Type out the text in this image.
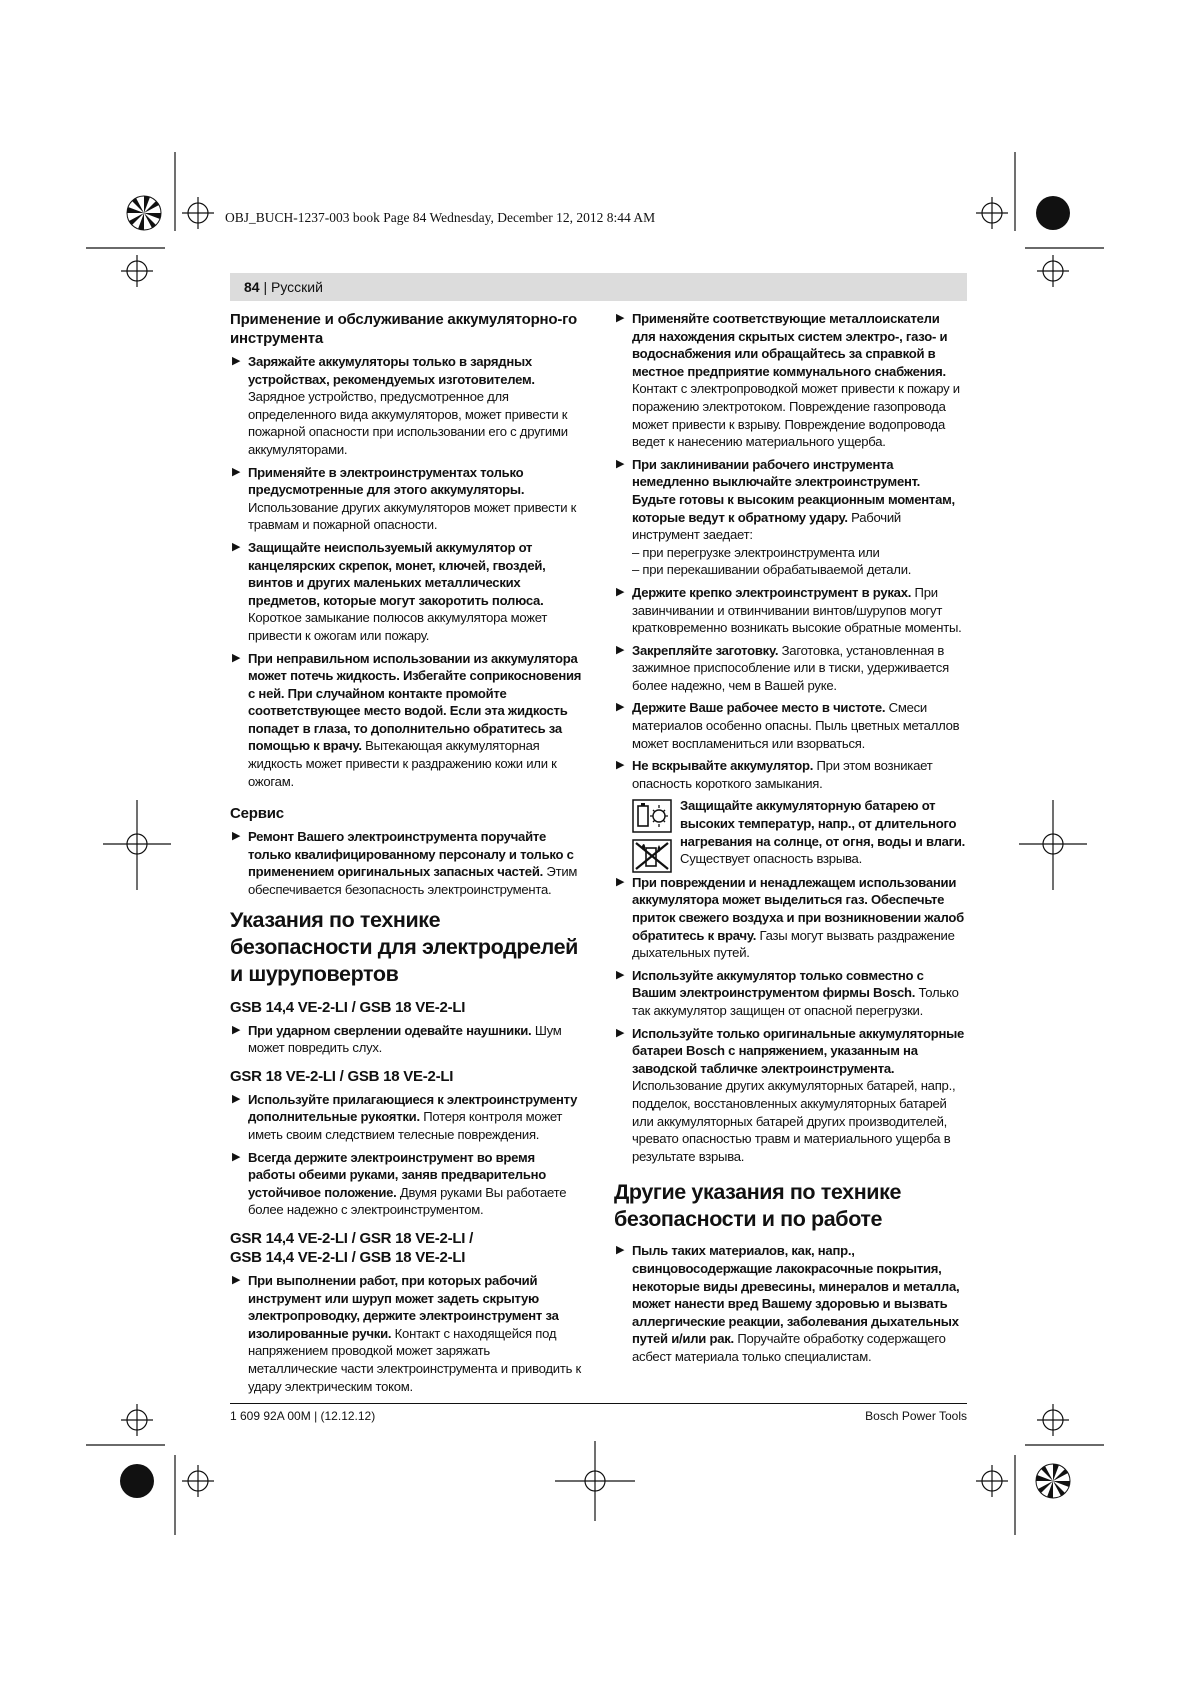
OBJ_BUCH-1237-003 book Page 84 Wednesday, December 12, 2012 8:44 AM
84 | Русский
Применение и обслуживание аккумуляторно-го инструмента
▶ Заряжайте аккумуляторы только в зарядных устройствах, рекомендуемых изготовителем. Зарядное устройство, предусмотренное для определенного вида аккумуляторов, может привести к пожарной опасности при использовании его с другими аккумуляторами.
▶ Применяйте в электроинструментах только предусмотренные для этого аккумуляторы. Использование других аккумуляторов может привести к травмам и пожарной опасности.
▶ Защищайте неиспользуемый аккумулятор от канцелярских скрепок, монет, ключей, гвоздей, винтов и других маленьких металлических предметов, которые могут закоротить полюса. Короткое замыкание полюсов аккумулятора может привести к ожогам или пожару.
▶ При неправильном использовании из аккумулятора может потечь жидкость. Избегайте соприкосновения с ней. При случайном контакте промойте соответствующее место водой. Если эта жидкость попадет в глаза, то дополнительно обратитесь за помощью к врачу. Вытекающая аккумуляторная жидкость может привести к раздражению кожи или к ожогам.
Сервис
▶ Ремонт Вашего электроинструмента поручайте только квалифицированному персоналу и только с применением оригинальных запасных частей. Этим обеспечивается безопасность электроинструмента.
Указания по технике безопасности для электродрелей и шуруповертов
GSB 14,4 VE-2-LI / GSB 18 VE-2-LI
▶ При ударном сверлении одевайте наушники. Шум может повредить слух.
GSR 18 VE-2-LI / GSB 18 VE-2-LI
▶ Используйте прилагающиеся к электроинструменту дополнительные рукоятки. Потеря контроля может иметь своим следствием телесные повреждения.
▶ Всегда держите электроинструмент во время работы обеими руками, заняв предварительно устойчивое положение. Двумя руками Вы работаете более надежно с электроинструментом.
GSR 14,4 VE-2-LI / GSR 18 VE-2-LI /
GSB 14,4 VE-2-LI / GSB 18 VE-2-LI
▶ При выполнении работ, при которых рабочий инструмент или шуруп может задеть скрытую электропроводку, держите электроинструмент за изолированные ручки. Контакт с находящейся под напряжением проводкой может заряжать металлические части электроинструмента и приводить к удару электрическим током.
▶ Применяйте соответствующие металлоискатели для нахождения скрытых систем электро-, газо- и водоснабжения или обращайтесь за справкой в местное предприятие коммунального снабжения. Контакт с электропроводкой может привести к пожару и поражению электротоком. Повреждение газопровода может привести к взрыву. Повреждение водопровода ведет к нанесению материального ущерба.
▶ При заклинивании рабочего инструмента немедленно выключайте электроинструмент. Будьте готовы к высоким реакционным моментам, которые ведут к обратному удару. Рабочий инструмент заедает:
– при перегрузке электроинструмента или
– при перекашивании обрабатываемой детали.
▶ Держите крепко электроинструмент в руках. При завинчивании и отвинчивании винтов/шурупов могут кратковременно возникать высокие обратные моменты.
▶ Закрепляйте заготовку. Заготовка, установленная в зажимное приспособление или в тиски, удерживается более надежно, чем в Вашей руке.
▶ Держите Ваше рабочее место в чистоте. Смеси материалов особенно опасны. Пыль цветных металлов может воспламениться или взорваться.
▶ Не вскрывайте аккумулятор. При этом возникает опасность короткого замыкания.
Защищайте аккумуляторную батарею от высоких температур, напр., от длительного нагревания на солнце, от огня, воды и влаги. Существует опасность взрыва.
▶ При повреждении и ненадлежащем использовании аккумулятора может выделиться газ. Обеспечьте приток свежего воздуха и при возникновении жалоб обратитесь к врачу. Газы могут вызвать раздражение дыхательных путей.
▶ Используйте аккумулятор только совместно с Вашим электроинструментом фирмы Bosch. Только так аккумулятор защищен от опасной перегрузки.
▶ Используйте только оригинальные аккумуляторные батареи Bosch с напряжением, указанным на заводской табличке электроинструмента. Использование других аккумуляторных батарей, напр., подделок, восстановленных аккумуляторных батарей или аккумуляторных батарей других производителей, чревато опасностью травм и материального ущерба в результате взрыва.
Другие указания по технике безопасности и по работе
▶ Пыль таких материалов, как, напр., свинцовосодержащие лакокрасочные покрытия, некоторые виды древесины, минералов и металла, может нанести вред Вашему здоровью и вызвать аллергические реакции, заболевания дыхательных путей и/или рак. Поручайте обработку содержащего асбест материала только специалистам.
1 609 92A 00M | (12.12.12)	Bosch Power Tools
